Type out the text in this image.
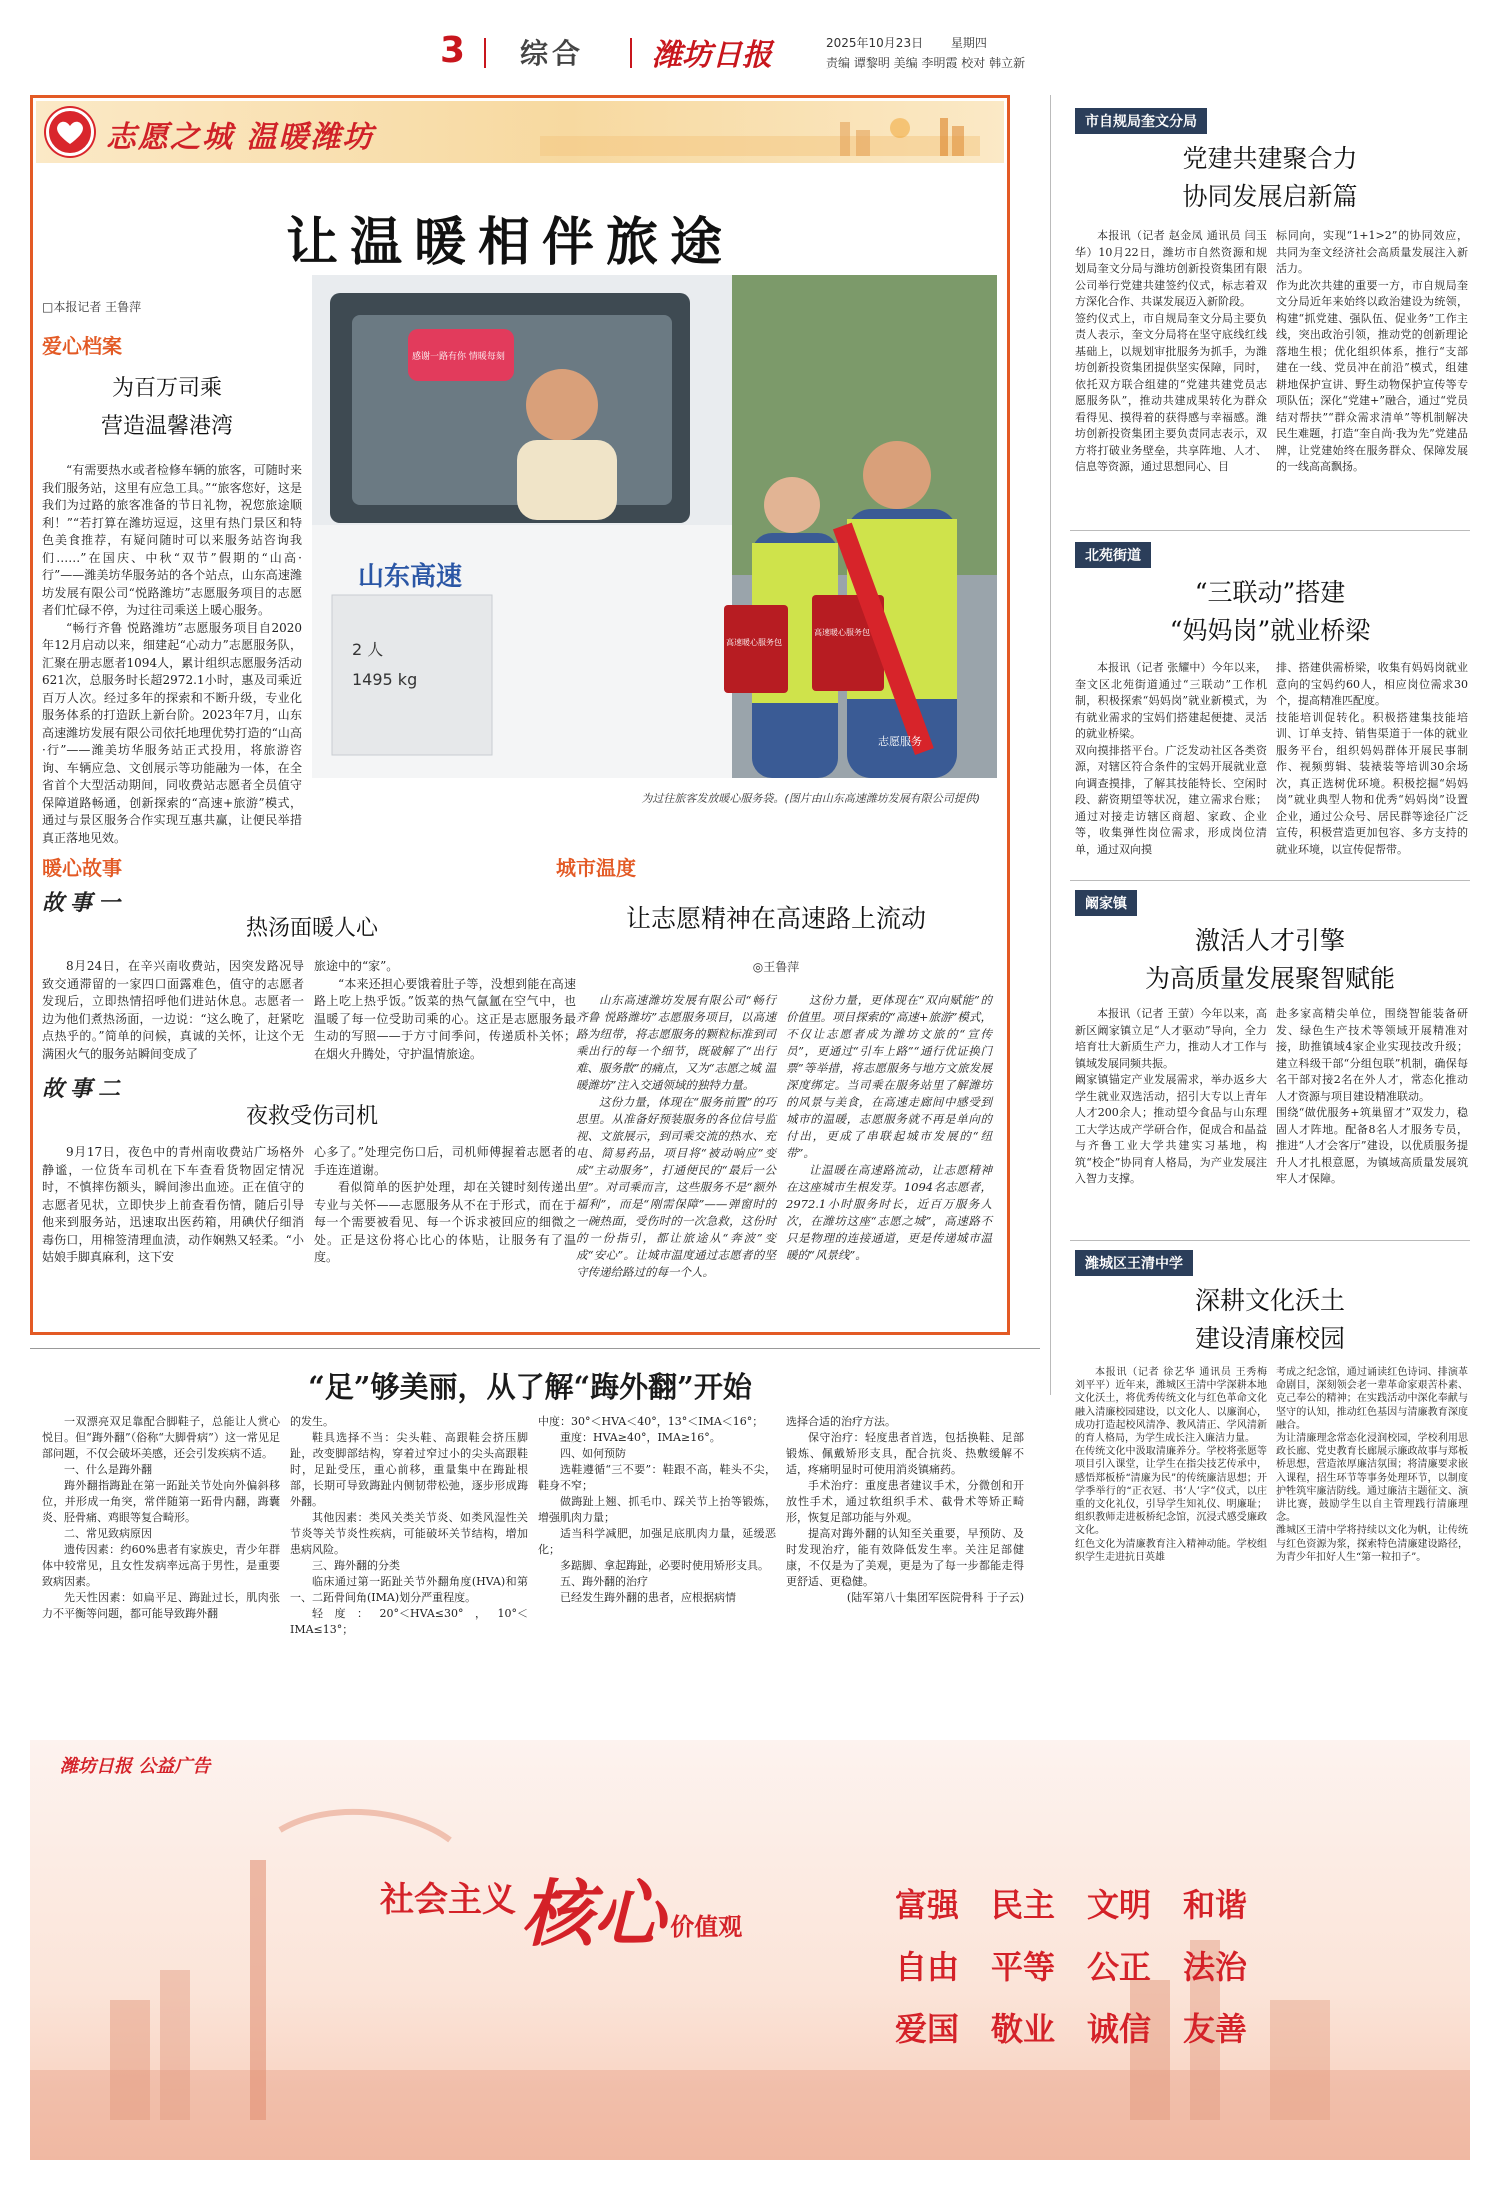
3 综合 潍坊日报	2025年10月23日 星期四
责编 谭黎明 美编 李明霞 校对 韩立新
志愿之城 温暖潍坊
让温暖相伴旅途
□本报记者 王鲁萍
爱心档案
为百万司乘
营造温馨港湾

“有需要热水或者检修车辆的旅客，可随时来我们服务站，这里有应急工具。”“旅客您好，这是我们为过路的旅客准备的节日礼物，祝您旅途顺利！”“若打算在潍坊逗逗，这里有热门景区和特色美食推荐，有疑问随时可以来服务站咨询我们……”在国庆、中秋“双节”假期的“山高·行”——潍美坊华服务站的各个站点，山东高速潍坊发展有限公司“悦路潍坊”志愿服务项目的志愿者们忙碌不停，为过往司乘送上暖心服务。

“畅行齐鲁 悦路潍坊”志愿服务项目自2020年12月启动以来，细建起“心动力”志愿服务队，汇聚在册志愿者1094人，累计组织志愿服务活动621次，总服务时长超2972.1小时，惠及司乘近百万人次。经过多年的探索和不断升级，专业化服务体系的打造跃上新台阶。2023年7月，山东高速潍坊发展有限公司依托地理优势打造的“山高·行”——潍美坊华服务站正式投用，将旅游咨询、车辆应急、文创展示等功能融为一体，在全省首个大型活动期间，同收费站志愿者全员值守保障道路畅通，创新探索的“高速+旅游”模式，通过与景区服务合作实现互惠共赢，让便民举措真正落地见效。

山东高速
2 人
1495 kg
感谢一路有你 情暖每刻
高速暖心服务包
高速暖心服务包
志愿服务
为过往旅客发放暖心服务袋。(图片由山东高速潍坊发展有限公司提供)
暖心故事
故事一
热汤面暖人心

8月24日，在辛兴南收费站，因突发路况导致交通滞留的一家四口面露难色，值守的志愿者发现后，立即热情招呼他们进站休息。志愿者一边为他们煮热汤面，一边说：“这么晚了，赶紧吃点热乎的。”简单的问候，真诚的关怀，让这个无满困火气的服务站瞬间变成了

旅途中的“家”。

“本来还担心要饿着肚子等，没想到能在高速路上吃上热乎饭。”饭菜的热气氤氲在空气中，也温暖了每一位受助司乘的心。这正是志愿服务最生动的写照——于方寸间季问，传递质朴关怀；在烟火升腾处，守护温情旅途。

故事二
夜救受伤司机

9月17日，夜色中的青州南收费站广场格外静谧，一位货车司机在下车查看货物固定情况时，不慎摔伤额头，瞬间渗出血迹。正在值守的志愿者见状，立即快步上前查看伤情，随后引导他来到服务站，迅速取出医药箱，用碘伏仔细消毒伤口，用棉签清理血渍，动作娴熟又轻柔。“小姑娘手脚真麻利，这下安

心多了。”处理完伤口后，司机师傅握着志愿者的手连连道谢。

看似简单的医护处理，却在关键时刻传递出专业与关怀——志愿服务从不在于形式，而在于每一个需要被看见、每一个诉求被回应的细微之处。正是这份将心比心的体贴，让服务有了温度。

城市温度
让志愿精神在高速路上流动
◎王鲁萍

山东高速潍坊发展有限公司“畅行齐鲁 悦路潍坊”志愿服务项目，以高速路为纽带，将志愿服务的颗粒标准到司乘出行的每一个细节，既破解了“出行难、服务散”的痛点，又为“志愿之城 温暖潍坊”注入交通领域的独特力量。

这份力量，体现在“服务前置”的巧思里。从准备好预装服务的各位信号监视、文旅展示，到司乘交流的热水、充电、简易药品，项目将“被动响应”变成“主动服务”，打通便民的“最后一公里”。对司乘而言，这些服务不是“额外福利”，而是“刚需保障”——弹窗时的一碗热面，受伤时的一次急救，这份时的一份指引，都让旅途从“奔波”变成“安心”。让城市温度通过志愿者的坚守传递给路过的每一个人。

这份力量，更体现在“双向赋能”的价值里。项目探索的“高速+旅游”模式，不仅让志愿者成为潍坊文旅的“宣传员”，更通过“引车上路”“通行优证换门票”等举措，将志愿服务与地方文旅发展深度绑定。当司乘在服务站里了解潍坊的风景与美食，在高速走廊间中感受到城市的温暖，志愿服务就不再是单向的付出，更成了串联起城市发展的“纽带”。

让温暖在高速路流动，让志愿精神在这座城市生根发芽。1094名志愿者，2972.1小时服务时长，近百万服务人次，在潍坊这座“志愿之城”，高速路不只是物理的连接通道，更是传递城市温暖的“风景线”。

“足”够美丽，从了解“踇外翻”开始

一双漂亮双足靠配合脚鞋子，总能让人赏心悦目。但“踇外翻”（俗称“大脚骨病”）这一常见足部问题，不仅会破坏美感，还会引发疾病不适。

一、什么是踇外翻

踇外翻指踇趾在第一跖趾关节处向外偏斜移位，并形成一角突，常伴随第一跖骨内翻，踇囊炎、胫骨痛、鸡眼等复合畸形。

二、常见致病原因

遗传因素：约60%患者有家族史，青少年群体中较常见，且女性发病率远高于男性，是重要致病因素。

先天性因素：如扁平足、踇趾过长，肌肉张力不平衡等问题，都可能导致踇外翻

的发生。

鞋具选择不当：尖头鞋、高跟鞋会挤压脚趾，改变脚部结构，穿着过窄过小的尖头高跟鞋时，足趾受压，重心前移，重量集中在踇趾根部，长期可导致踇趾内侧韧带松弛，逐步形成踇外翻。

其他因素：类风关类关节炎、如类风湿性关节炎等关节炎性疾病，可能破坏关节结构，增加患病风险。

三、踇外翻的分类

临床通过第一跖趾关节外翻角度(HVA)和第一、二跖骨间角(IMA)划分严重程度。

轻度：20°＜HVA≤30°，10°＜IMA≤13°；

中度：30°＜HVA＜40°，13°＜IMA＜16°；

重度：HVA≥40°，IMA≥16°。

四、如何预防

选鞋遵循“三不要”：鞋跟不高，鞋头不尖，鞋身不窄；

做踇趾上翘、抓毛巾、踩关节上抬等锻炼，增强肌肉力量；

适当科学减肥，加强足底肌肉力量，延缓恶化；

多踮脚、拿起踇趾，必要时使用矫形支具。

五、踇外翻的治疗

已经发生踇外翻的患者，应根据病情

选择合适的治疗方法。

保守治疗：轻度患者首选，包括换鞋、足部锻炼、佩戴矫形支具，配合抗炎、热敷缓解不适，疼痛明显时可使用消炎镇痛药。

手术治疗：重度患者建议手术，分微创和开放性手术，通过软组织手术、截骨术等矫正畸形，恢复足部功能与外观。

提高对踇外翻的认知至关重要，早预防、及时发现治疗，能有效降低发生率。关注足部健康，不仅是为了美观，更是为了每一步都能走得更舒适、更稳健。

(陆军第八十集团军医院骨科 于子云)

市自规局奎文分局
党建共建聚合力
协同发展启新篇

本报讯（记者 赵金凤 通讯员 闫玉华）10月22日，潍坊市自然资源和规划局奎文分局与潍坊创新投资集团有限公司举行党建共建签约仪式，标志着双方深化合作、共谋发展迈入新阶段。
签约仪式上，市自规局奎文分局主要负责人表示，奎文分局将在坚守底线红线基础上，以规划审批服务为抓手，为潍坊创新投资集团提供坚实保障，同时，依托双方联合组建的“党建共建党员志愿服务队”，推动共建成果转化为群众看得见、摸得着的获得感与幸福感。潍坊创新投资集团主要负责同志表示，双方将打破业务壁垒，共享阵地、人才、信息等资源，通过思想同心、目

标同向，实现“1+1>2”的协同效应，共同为奎文经济社会高质量发展注入新活力。
作为此次共建的重要一方，市自规局奎文分局近年来始终以政治建设为统领，构建“抓党建、强队伍、促业务”工作主线，突出政治引领，推动党的创新理论落地生根；优化组织体系，推行“支部建在一线、党员冲在前沿”模式，组建耕地保护宣讲、野生动物保护宣传等专项队伍；深化“党建+”融合，通过“党员结对帮扶”“群众需求清单”等机制解决民生难题，打造“奎自尚·我为先”党建品牌，让党建始终在服务群众、保障发展的一线高高飘扬。

北苑街道
“三联动”搭建
“妈妈岗”就业桥梁

本报讯（记者 张耀中）今年以来，奎文区北苑街道通过“三联动”工作机制，积极探索“妈妈岗”就业新模式，为有就业需求的宝妈们搭建起便捷、灵活的就业桥梁。
双向摸排搭平台。广泛发动社区各类资源，对辖区符合条件的宝妈开展就业意向调查摸排，了解其技能特长、空闲时段、薪资期望等状况，建立需求台账；通过对接走访辖区商超、家政、企业等，收集弹性岗位需求，形成岗位清单，通过双向摸

排、搭建供需桥梁，收集有妈妈岗就业意向的宝妈约60人，相应岗位需求30个，提高精准匹配度。
技能培训促转化。积极搭建集技能培训、订单支持、销售渠道于一体的就业服务平台，组织妈妈群体开展民事制作、视频剪辑、装裱装等培训30余场次，真正选树优环境。积极挖掘“妈妈岗”就业典型人物和优秀“妈妈岗”设置企业，通过公众号、居民群等途径广泛宣传，积极营造更加包容、多方支持的就业环境，以宣传促帮带。

阚家镇
激活人才引擎
为高质量发展聚智赋能

本报讯（记者 王萤）今年以来，高新区阚家镇立足“人才驱动”导向，全力培育壮大新质生产力，推动人才工作与镇域发展同频共振。
阚家镇锚定产业发展需求，举办返乡大学生就业双选活动，招引大专以上青年人才200余人；推动望今食品与山东理工大学达成产学研合作，促成合和晶益与齐鲁工业大学共建实习基地，构筑“校企”协同育人格局，为产业发展注入智力支撑。

赴多家高精尖单位，围绕智能装备研发、绿色生产技术等领域开展精准对接，助推镇域4家企业实现技改升级；建立科级干部“分组包联”机制，确保每名干部对接2名在外人才，常态化推动人才资源与项目建设精准联动。
围绕“做优服务+筑巢留才”双发力，稳固人才阵地。配备8名人才服务专员，推进“人才会客厅”建设，以优质服务提升人才扎根意愿，为镇域高质量发展筑牢人才保障。

潍城区王清中学
深耕文化沃土
建设清廉校园

本报讯（记者 徐艺华 通讯员 王秀梅 刘平平）近年来，潍城区王清中学深耕本地文化沃土，将优秀传统文化与红色革命文化融入清廉校园建设，以文化人、以廉润心，成功打造起校风清净、教风清正、学风清新的育人格局，为学生成长注入廉洁力量。
在传统文化中汲取清廉养分。学校将张愿等项目引入课堂，让学生在指尖技艺传承中，感悟郑板桥“清廉为民”的传统廉洁思想；开学季举行的“正衣冠、书‘人’字”仪式，以庄重的文化礼仪，引导学生知礼仪、明廉耻；组织教师走进板桥纪念馆，沉浸式感受廉政文化。
红色文化为清廉教育注入精神动能。学校组织学生走进抗日英雄

考成之纪念馆，通过诵读红色诗词、排演革命剧目，深刻领会老一辈革命家艰苦朴素、克己奉公的精神；在实践活动中深化奉献与坚守的认知，推动红色基因与清廉教育深度融合。
为让清廉理念常态化浸润校园，学校利用思政长廊、党史教育长廊展示廉政故事与郑板桥思想，营造浓厚廉洁氛围；将清廉要求嵌入课程，招生环节等事务处理环节，以制度护牲筑牢廉洁防线。通过廉洁主题征文、演讲比赛，鼓励学生以自主管理践行清廉理念。
潍城区王清中学将持续以文化为帆，让传统与红色资源为浆，探索特色清廉建设路径，为青少年扣好人生“第一粒扣子”。

潍坊日报 公益广告
社会主义 核心 价值观
富强 民主 文明 和谐
自由 平等 公正 法治
爱国 敬业 诚信 友善
